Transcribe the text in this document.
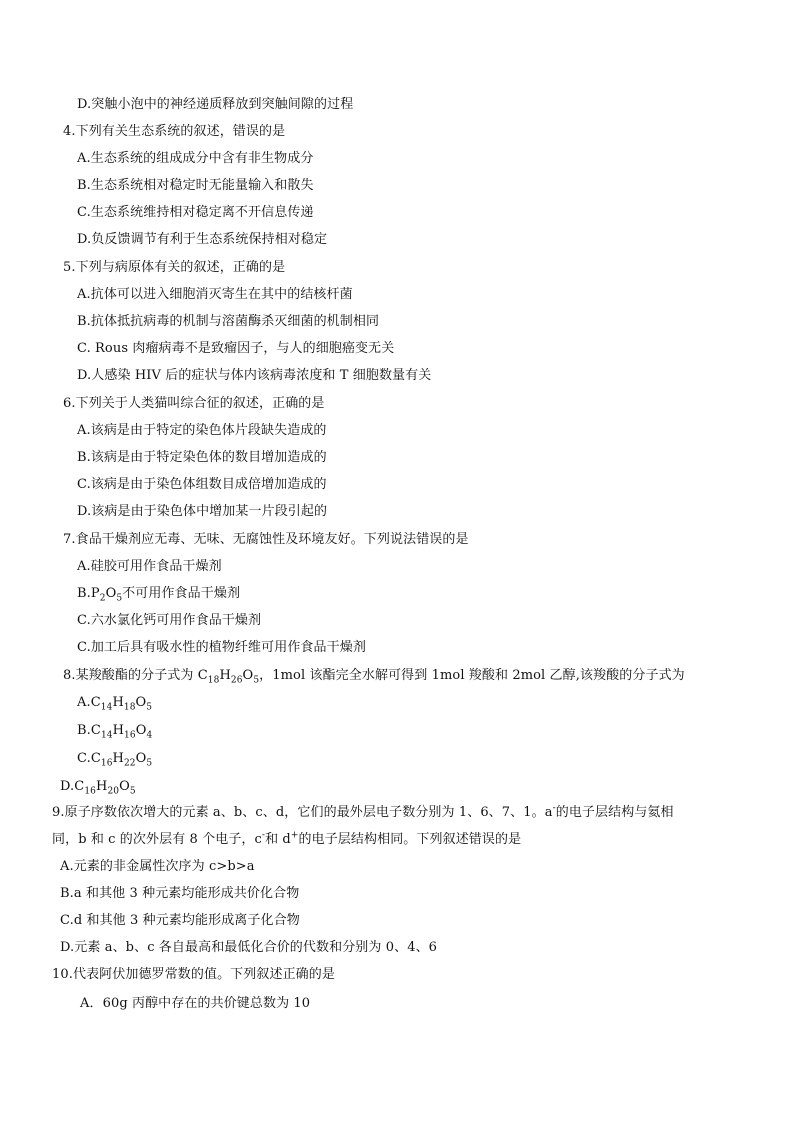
D.突触小泡中的神经递质释放到突触间隙的过程
4.下列有关生态系统的叙述，错误的是
A.生态系统的组成成分中含有非生物成分
B.生态系统相对稳定时无能量输入和散失
C.生态系统维持相对稳定离不开信息传递
D.负反馈调节有利于生态系统保持相对稳定
5.下列与病原体有关的叙述，正确的是
A.抗体可以进入细胞消灭寄生在其中的结核杆菌
B.抗体抵抗病毒的机制与溶菌酶杀灭细菌的机制相同
C. Rous 肉瘤病毒不是致瘤因子，与人的细胞癌变无关
D.人感染 HIV 后的症状与体内该病毒浓度和 T 细胞数量有关
6.下列关于人类猫叫综合征的叙述，正确的是
A.该病是由于特定的染色体片段缺失造成的
B.该病是由于特定染色体的数目增加造成的
C.该病是由于染色体组数目成倍增加造成的
D.该病是由于染色体中增加某一片段引起的
7.食品干燥剂应无毒、无味、无腐蚀性及环境友好。下列说法错误的是
A.硅胶可用作食品干燥剂
$B.P_2O_5$不可用作食品干燥剂
C.六水氯化钙可用作食品干燥剂
C.加工后具有吸水性的植物纤维可用作食品干燥剂
8.某羧酸酯的分子式为 $C_{18}H_{26}O_5$，1mol 该酯完全水解可得到 1mol 羧酸和 2mol 乙醇,该羧酸的分子式为
$A.C_{14}H_{18}O_5$
$B.C_{14}H_{16}O_4$
$C.C_{16}H_{22}O_5$
$D.C_{16}H_{20}O_5$
9.原子序数依次增大的元素 a、b、c、d，它们的最外层电子数分别为 1、6、7、1。a-的电子层结构与氦相
同，b 和 c 的次外层有 8 个电子，c-和 d+的电子层结构相同。下列叙述错误的是
A.元素的非金属性次序为 c>b>a
B.a 和其他 3 种元素均能形成共价化合物
C.d 和其他 3 种元素均能形成离子化合物
D.元素 a、b、c 各自最高和最低化合价的代数和分别为 0、4、6
10.代表阿伏加德罗常数的值。下列叙述正确的是
A．60g 丙醇中存在的共价键总数为 10
